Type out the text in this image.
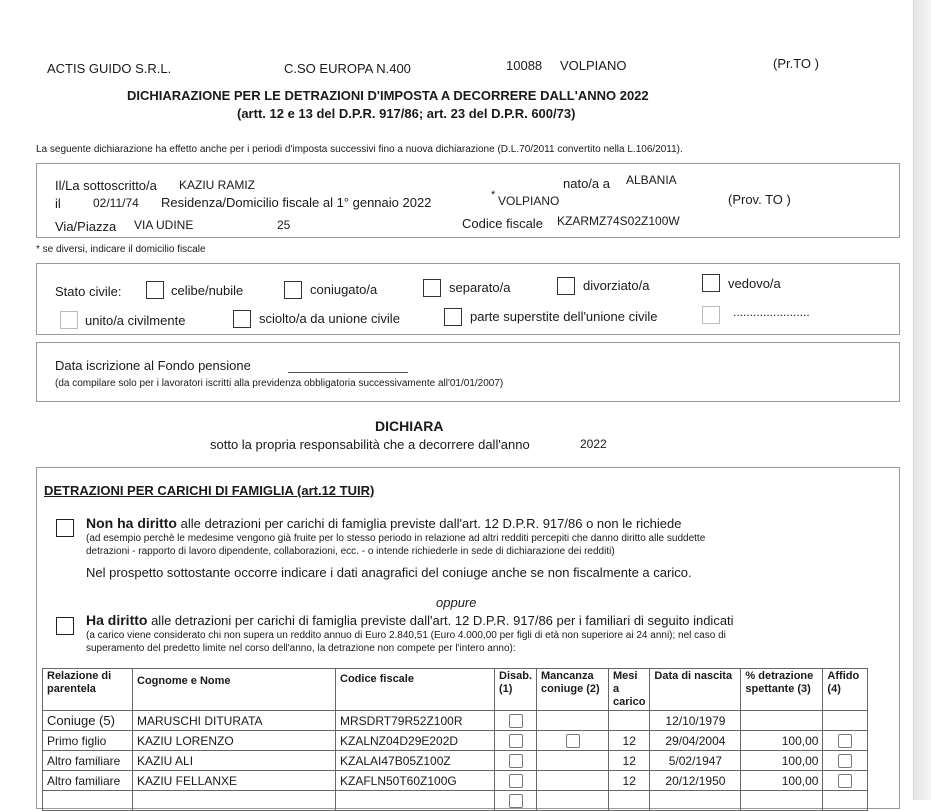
ACTIS GUIDO S.R.L.	C.SO EUROPA N.400	10088 VOLPIANO	(Pr.TO )
DICHIARAZIONE PER LE DETRAZIONI D'IMPOSTA A DECORRERE DALL'ANNO 2022
(artt. 12 e 13 del D.P.R. 917/86; art. 23 del D.P.R. 600/73)
La seguente dichiarazione ha effetto anche per i periodi d'imposta successivi fino a nuova dichiarazione (D.L.70/2011 convertito nella L.106/2011).
Il/La sottoscritto/a KAZIU RAMIZ	nato/a a ALBANIA
il	02/11/74 Residenza/Domicilio fiscale al 1° gennaio 2022	* VOLPIANO	(Prov. TO )
Via/Piazza VIA UDINE	25	Codice fiscale KZARMZ74S02Z100W
* se diversi, indicare il domicilio fiscale
Stato civile:	celibe/nubile	coniugato/a	separato/a	divorziato/a	vedovo/a
unito/a civilmente	sciolto/a da unione civile	parte superstite dell'unione civile	.......................
Data iscrizione al Fondo pensione
(da compilare solo per i lavoratori iscritti alla previdenza obbligatoria successivamente all'01/01/2007)
DICHIARA
sotto la propria responsabilità che a decorrere dall'anno	2022
DETRAZIONI PER CARICHI DI FAMIGLIA (art.12 TUIR)
Non ha diritto alle detrazioni per carichi di famiglia previste dall'art. 12 D.P.R. 917/86 o non le richiede
(ad esempio perchè le medesime vengono già fruite per lo stesso periodo in relazione ad altri redditi percepiti che danno diritto alle suddette
detrazioni - rapporto di lavoro dipendente, collaborazioni, ecc. - o intende richiederle in sede di dichiarazione dei redditi)
Nel prospetto sottostante occorre indicare i dati anagrafici del coniuge anche se non fiscalmente a carico.
oppure
Ha diritto alle detrazioni per carichi di famiglia previste dall'art. 12 D.P.R. 917/86 per i familiari di seguito indicati
(a carico viene considerato chi non supera un reddito annuo di Euro 2.840,51 (Euro 4.000,00 per figli di età non superiore ai 24 anni); nel caso di
superamento del predetto limite nel corso dell'anno, la detrazione non compete per l'intero anno):
Relazione di parentela	Cognome e Nome	Codice fiscale	Disab. (1)	Mancanza coniuge (2)	Mesi a carico	Data di nascita	% detrazione spettante (3)	Affido (4)
Coniuge (5)	MARUSCHI DITURATA	MRSDRT79R52Z100R				12/10/1979		
Primo figlio	KAZIU LORENZO	KZALNZ04D29E202D			12	29/04/2004	100,00	
Altro familiare	KAZIU ALI	KZALAI47B05Z100Z			12	5/02/1947	100,00	
Altro familiare	KAZIU FELLANXE	KZAFLN50T60Z100G			12	20/12/1950	100,00	
